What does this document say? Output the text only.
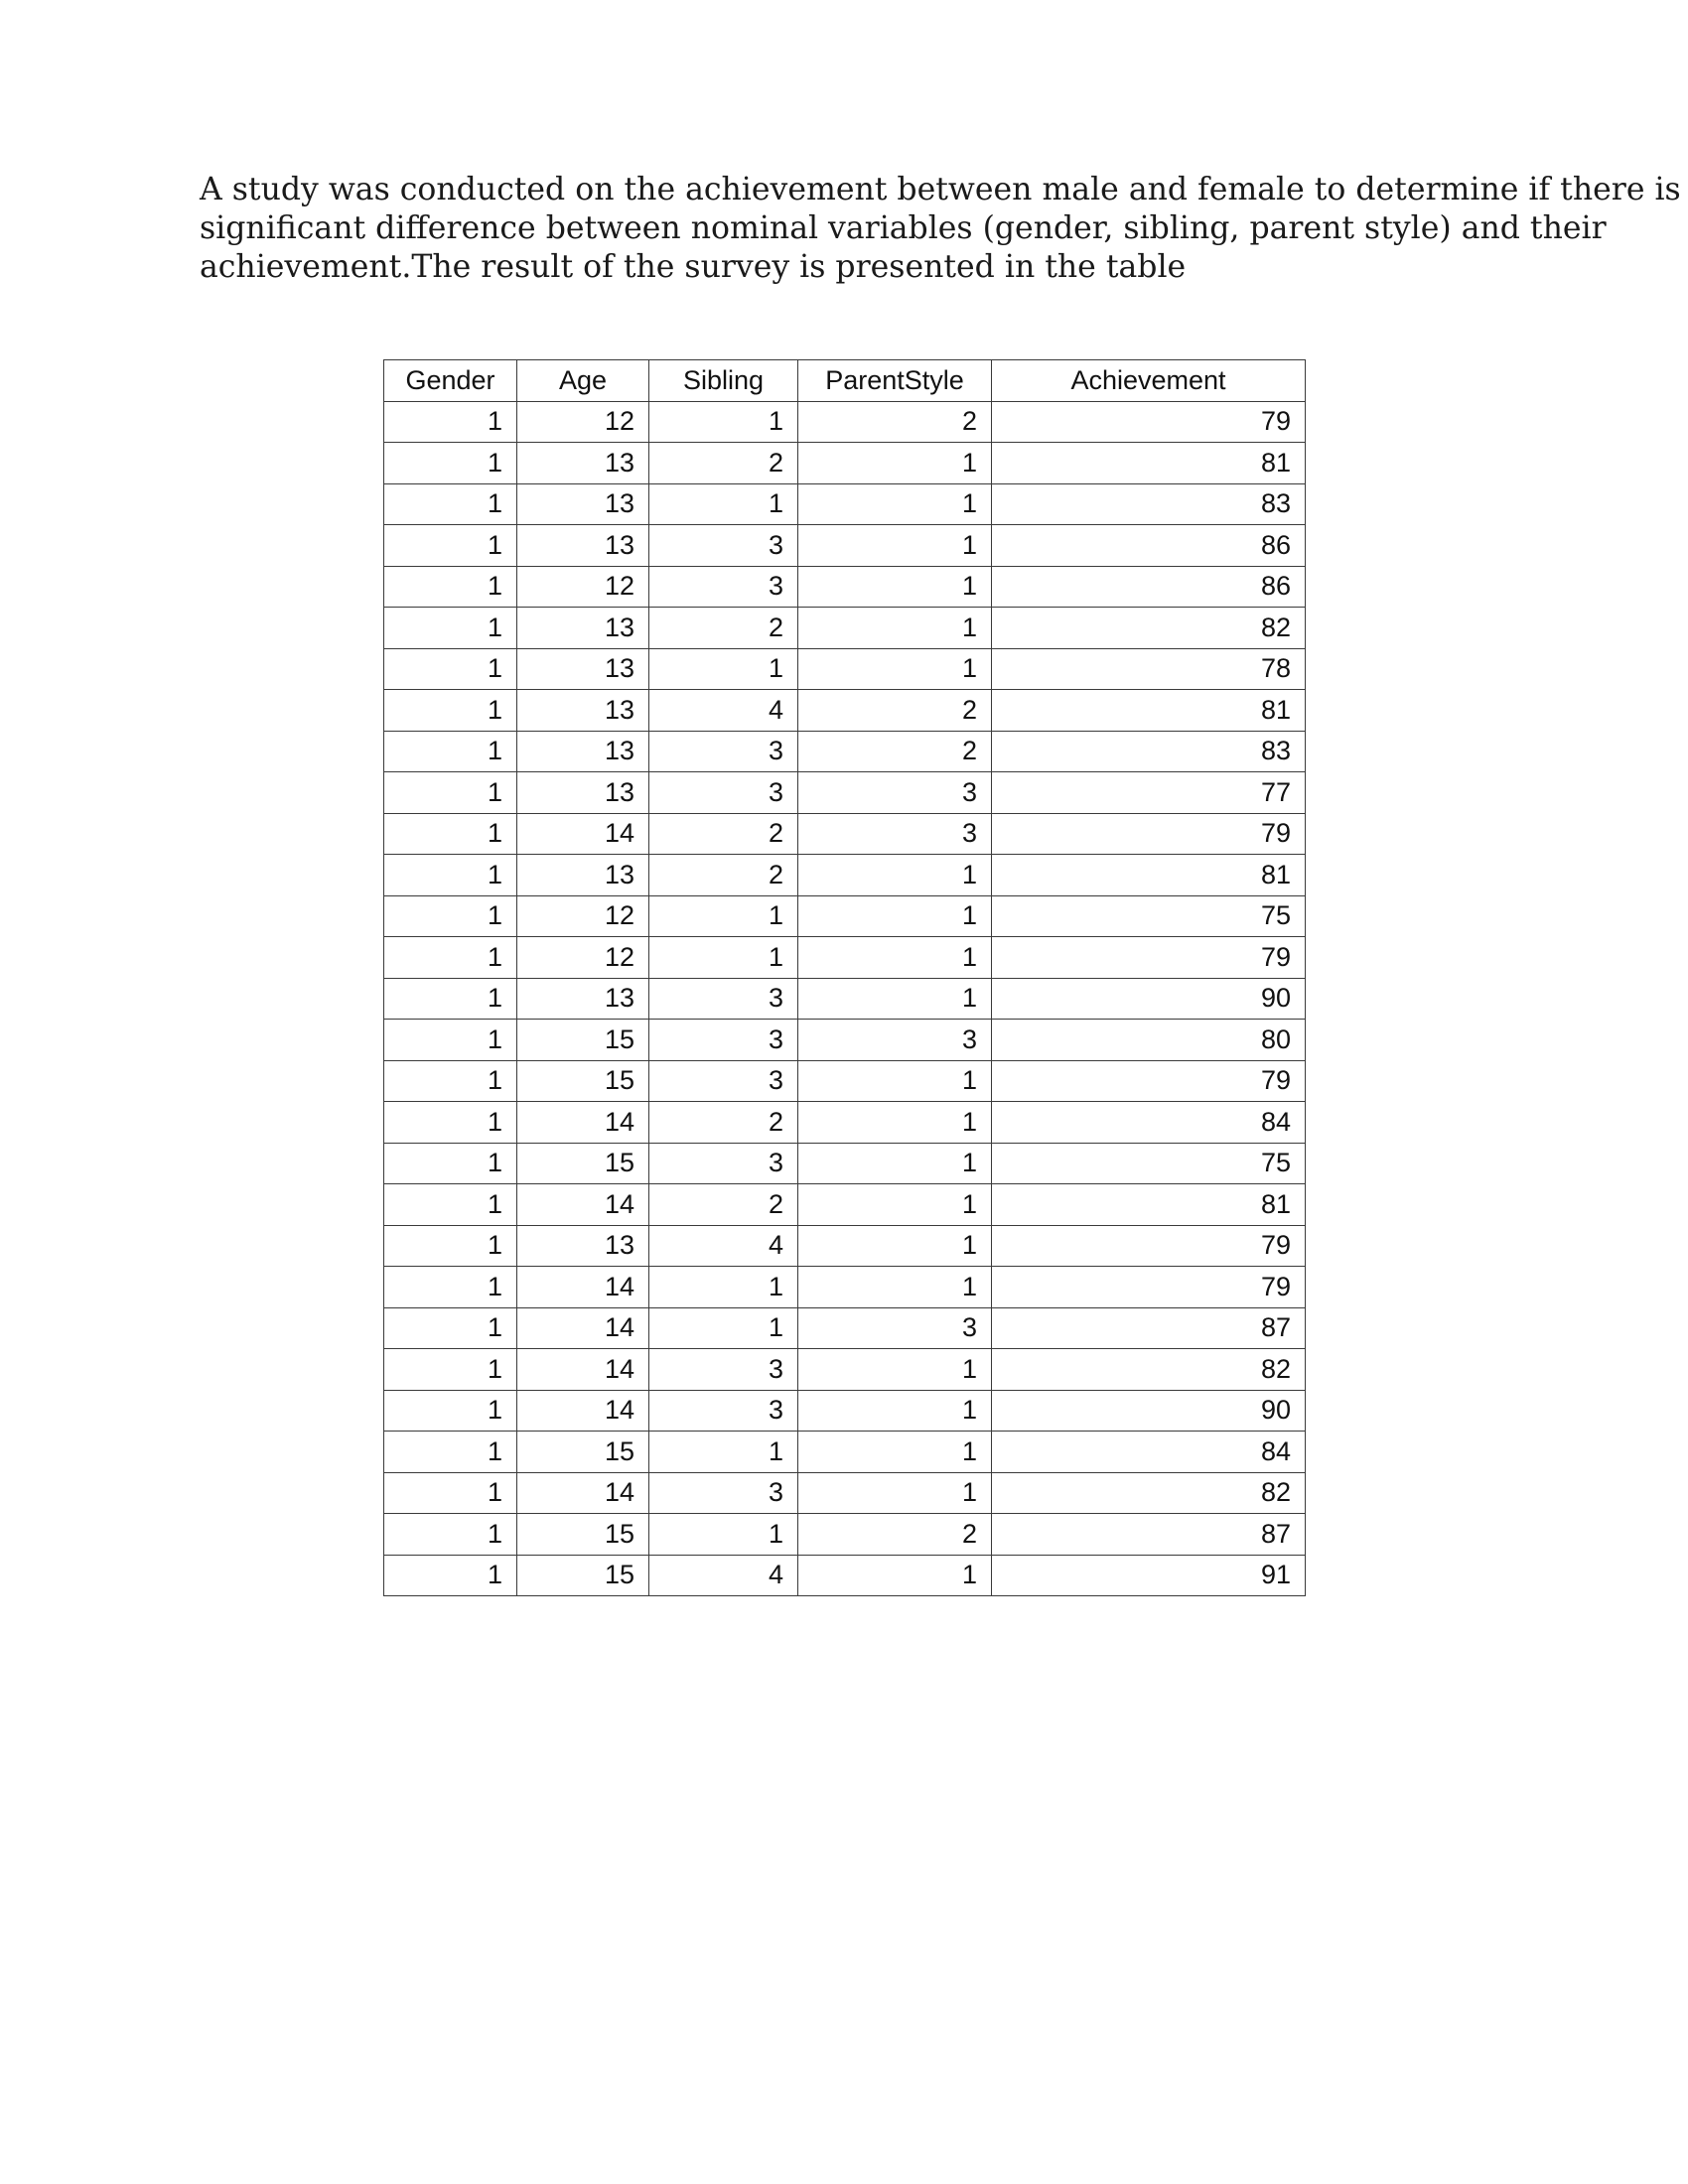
A study was conducted on the achievement between male and female to determine if there is
significant difference between nominal variables (gender, sibling, parent style) and their
achievement.The result of the survey is presented in the table

Gender	Age	Sibling	ParentStyle	Achievement
1	12	1	2	79
1	13	2	1	81
1	13	1	1	83
1	13	3	1	86
1	12	3	1	86
1	13	2	1	82
1	13	1	1	78
1	13	4	2	81
1	13	3	2	83
1	13	3	3	77
1	14	2	3	79
1	13	2	1	81
1	12	1	1	75
1	12	1	1	79
1	13	3	1	90
1	15	3	3	80
1	15	3	1	79
1	14	2	1	84
1	15	3	1	75
1	14	2	1	81
1	13	4	1	79
1	14	1	1	79
1	14	1	3	87
1	14	3	1	82
1	14	3	1	90
1	15	1	1	84
1	14	3	1	82
1	15	1	2	87
1	15	4	1	91
